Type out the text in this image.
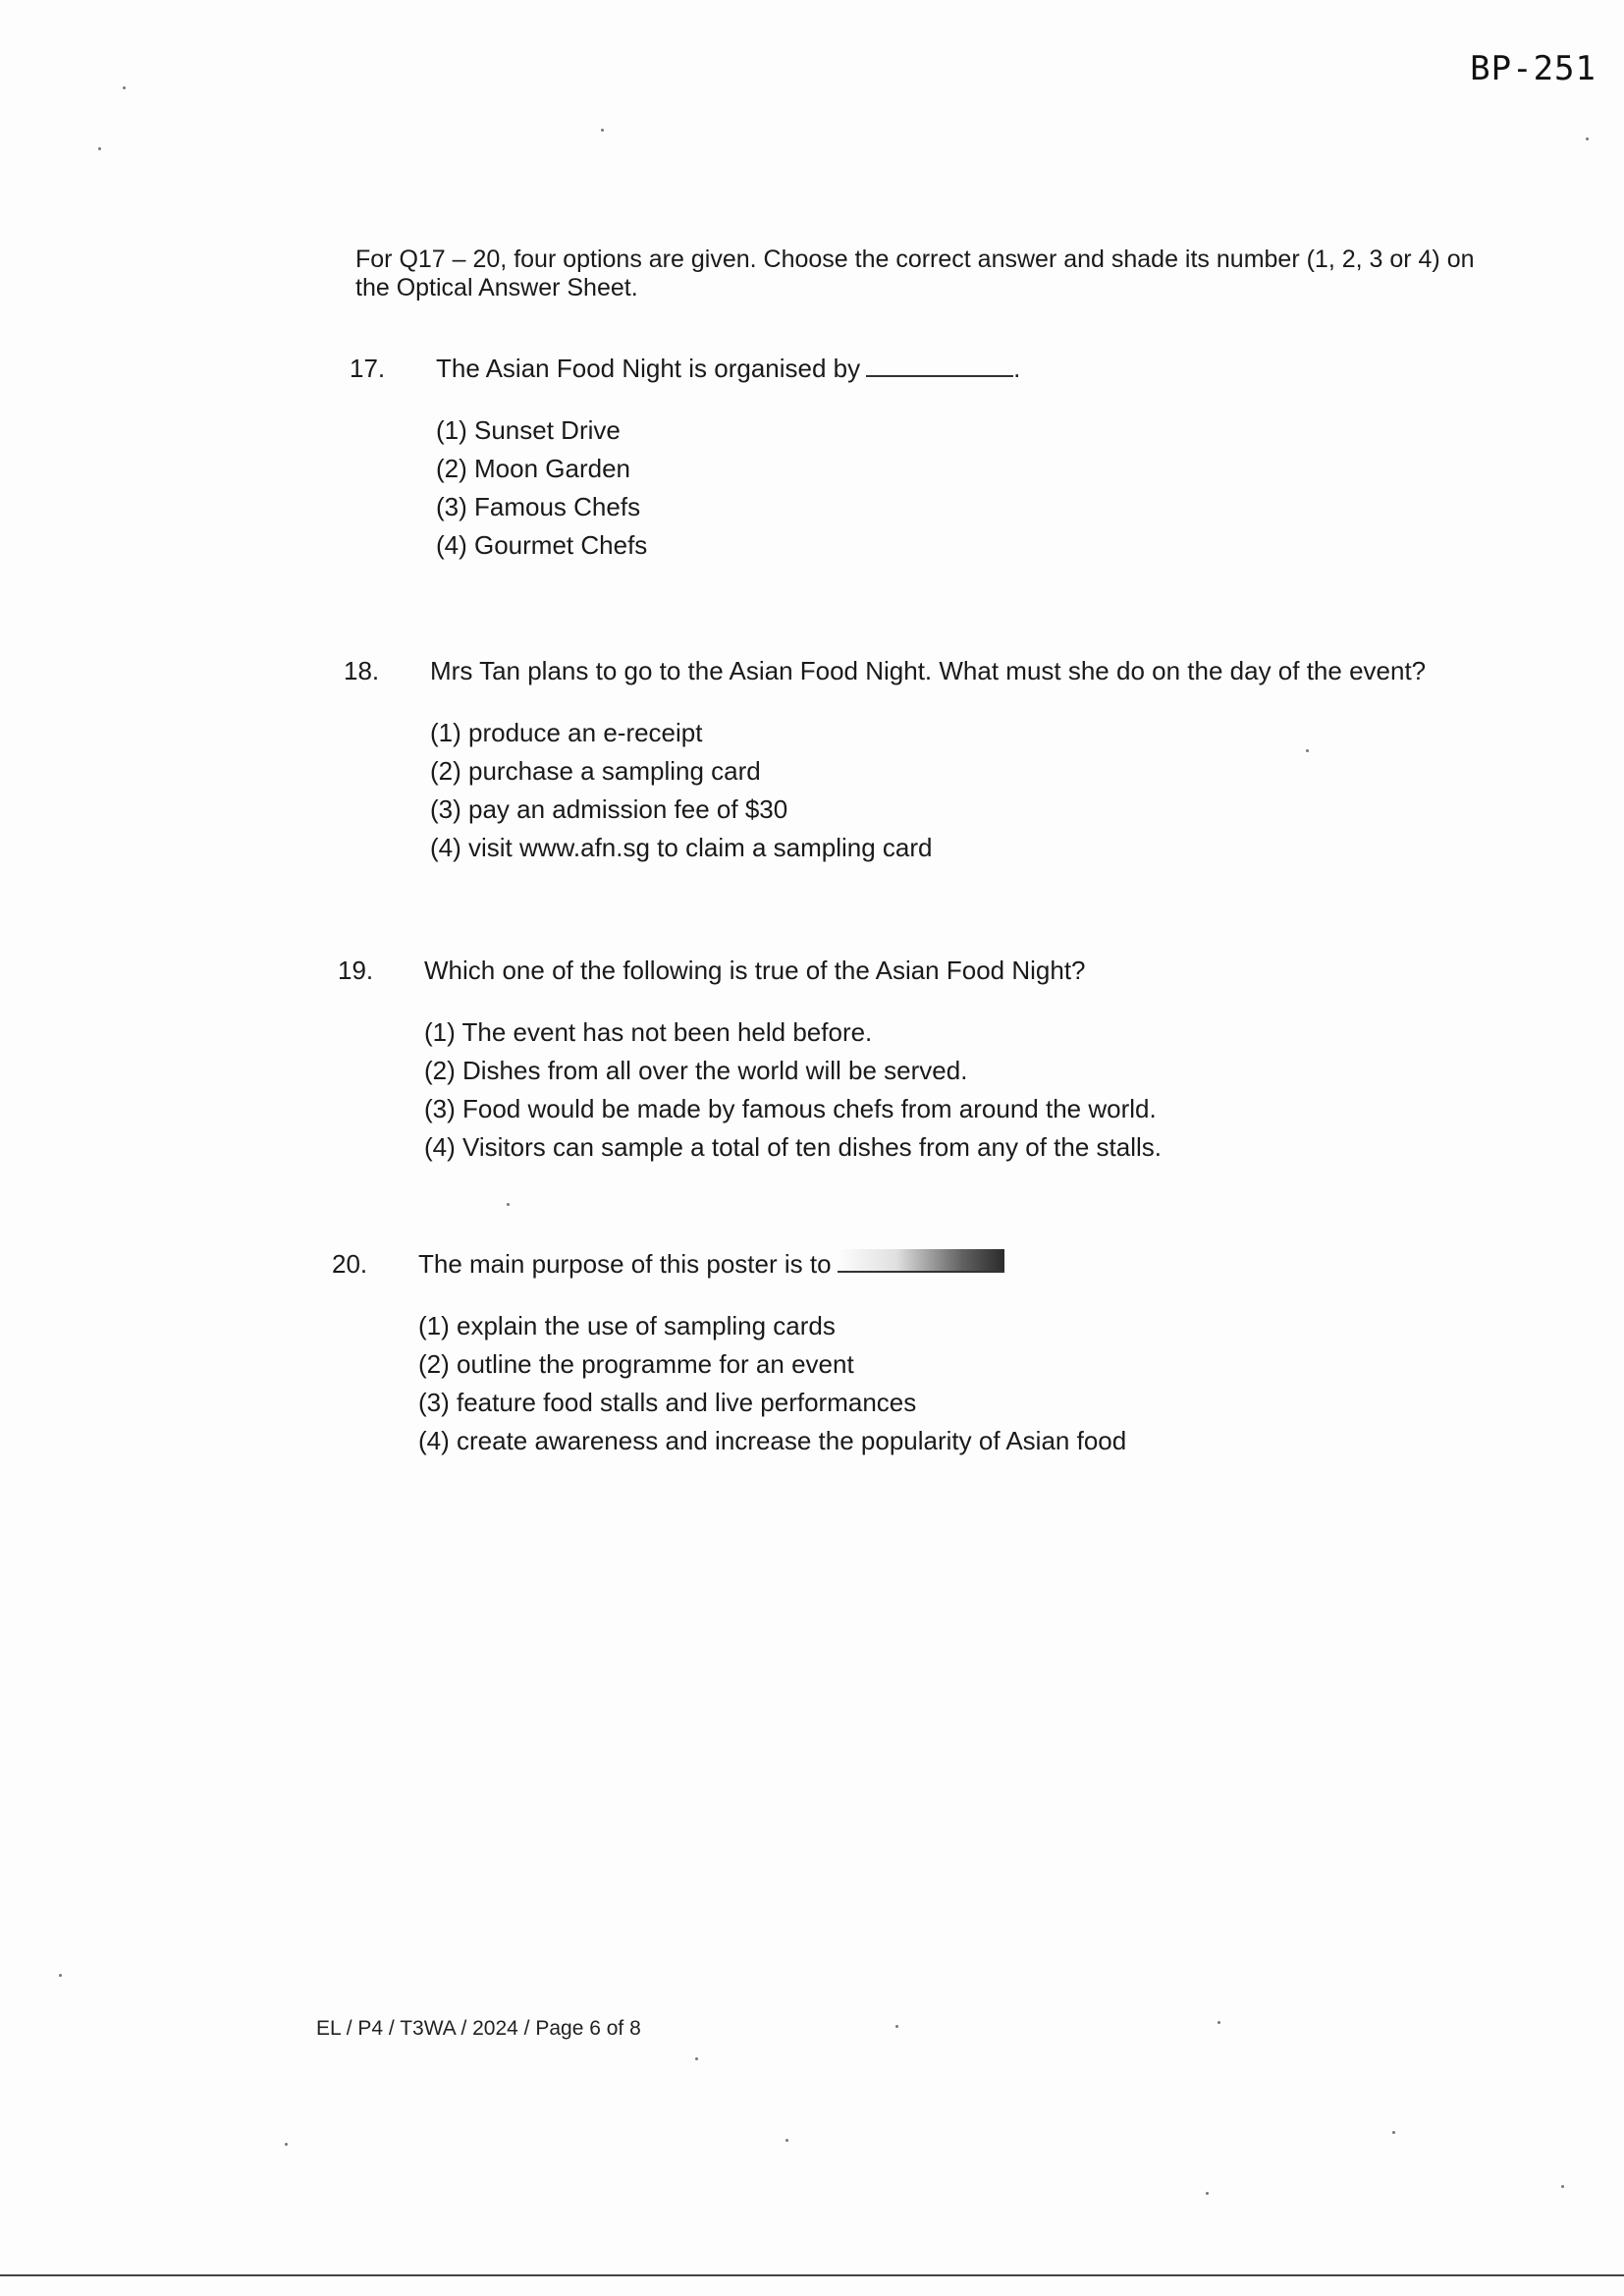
BP-251
For Q17 – 20, four options are given. Choose the correct answer and shade its number (1, 2, 3 or 4) on the Optical Answer Sheet.
17.	The Asian Food Night is organised by	.
(1) Sunset Drive
(2) Moon Garden
(3) Famous Chefs
(4) Gourmet Chefs
18.	Mrs Tan plans to go to the Asian Food Night. What must she do on the day of the event?
(1) produce an e-receipt
(2) purchase a sampling card
(3) pay an admission fee of $30
(4) visit www.afn.sg to claim a sampling card
19.	Which one of the following is true of the Asian Food Night?
(1) The event has not been held before.
(2) Dishes from all over the world will be served.
(3) Food would be made by famous chefs from around the world.
(4) Visitors can sample a total of ten dishes from any of the stalls.
20.	The main purpose of this poster is to
(1) explain the use of sampling cards
(2) outline the programme for an event
(3) feature food stalls and live performances
(4) create awareness and increase the popularity of Asian food
EL / P4 / T3WA / 2024 / Page 6 of 8
